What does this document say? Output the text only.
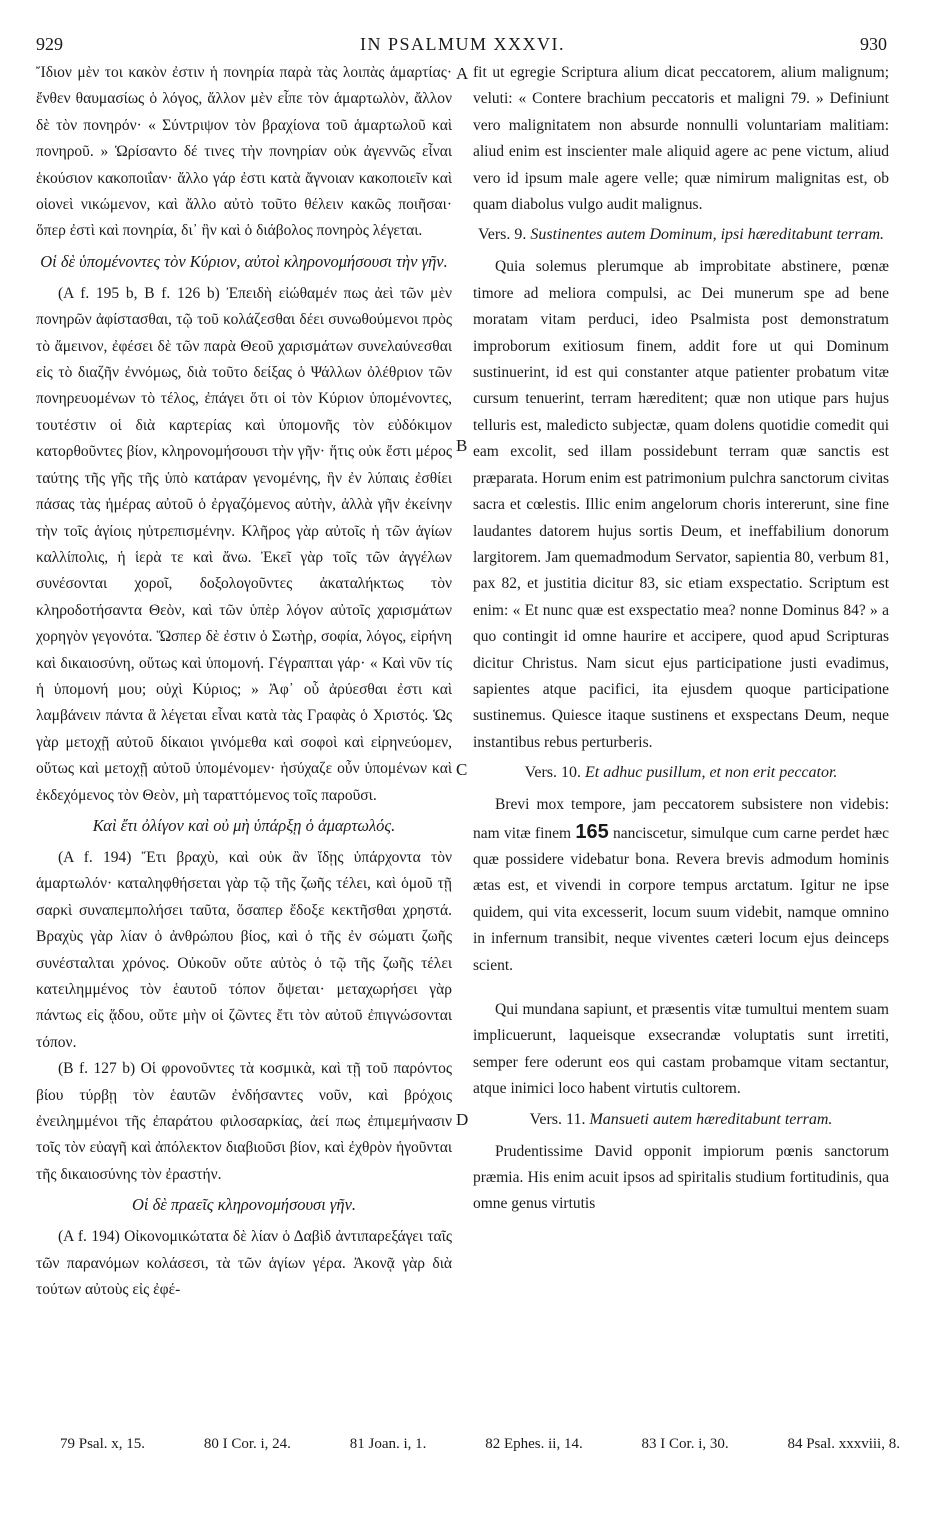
929	IN PSALMUM XXXVI.	930
A
B
C
D

Ἴδιον μὲν τοι κακὸν ἐστιν ἡ πονηρία παρὰ τὰς λοιπὰς ἁμαρτίας· ἔνθεν θαυμασίως ὁ λόγος, ἄλλον μὲν εἶπε τὸν ἁμαρτωλὸν, ἄλλον δὲ τὸν πονηρόν· « Σύντριψον τὸν βραχίονα τοῦ ἁμαρτωλοῦ καὶ πονηροῦ. » Ὡρίσαντο δέ τινες τὴν πονηρίαν οὐκ ἀγεννῶς εἶναι ἑκούσιον κακοποιΐαν· ἄλλο γάρ ἐστι κατὰ ἄγνοιαν κακοποιεῖν καὶ οἱονεὶ νικώμενον, καὶ ἄλλο αὐτὸ τοῦτο θέλειν κακῶς ποιῆσαι· ὅπερ ἐστὶ καὶ πονηρία, δι᾽ ἣν καὶ ὁ διάβολος πονηρὸς λέγεται.

Οἱ δὲ ὑπομένοντες τὸν Κύριον, αὐτοὶ κληρονομήσουσι τὴν γῆν.

(A f. 195 b, B f. 126 b) Ἐπειδὴ εἰώθαμέν πως ἀεὶ τῶν μὲν πονηρῶν ἀφίστασθαι, τῷ τοῦ κολάζεσθαι δέει συνωθούμενοι πρὸς τὸ ἄμεινον, ἐφέσει δὲ τῶν παρὰ Θεοῦ χαρισμάτων συνελαύνεσθαι εἰς τὸ διαζῆν ἐννόμως, διὰ τοῦτο δείξας ὁ Ψάλλων ὀλέθριον τῶν πονηρευομένων τὸ τέλος, ἐπάγει ὅτι οἱ τὸν Κύριον ὑπομένοντες, τουτέστιν οἱ διὰ καρτερίας καὶ ὑπομονῆς τὸν εὐδόκιμον κατορθοῦντες βίον, κληρονομήσουσι τὴν γῆν· ἥτις οὐκ ἔστι μέρος ταύτης τῆς γῆς τῆς ὑπὸ κατάραν γενομένης, ἣν ἐν λύπαις ἐσθίει πάσας τὰς ἡμέρας αὐτοῦ ὁ ἐργαζόμενος αὐτὴν, ἀλλὰ γῆν ἐκείνην τὴν τοῖς ἁγίοις ηὐτρεπισμένην. Κλῆρος γὰρ αὐτοῖς ἡ τῶν ἁγίων καλλίπολις, ἡ ἱερὰ τε καὶ ἄνω. Ἐκεῖ γὰρ τοῖς τῶν ἀγγέλων συνέσονται χοροῖ, δοξολογοῦντες ἀκαταλήκτως τὸν κληροδοτήσαντα Θεὸν, καὶ τῶν ὑπὲρ λόγον αὐτοῖς χαρισμάτων χορηγὸν γεγονότα. Ὥσπερ δὲ ἐστιν ὁ Σωτὴρ, σοφία, λόγος, εἰρήνη καὶ δικαιοσύνη, οὕτως καὶ ὑπομονή. Γέγραπται γάρ· « Καὶ νῦν τίς ἡ ὑπομονή μου; οὐχὶ Κύριος; » Ἀφ᾽ οὗ ἀρύεσθαι ἐστι καὶ λαμβάνειν πάντα ἃ λέγεται εἶναι κατὰ τὰς Γραφὰς ὁ Χριστός. Ὡς γὰρ μετοχῇ αὐτοῦ δίκαιοι γινόμεθα καὶ σοφοὶ καὶ εἰρηνεύομεν, οὕτως καὶ μετοχῇ αὐτοῦ ὑπομένομεν· ἡσύχαζε οὖν ὑπομένων καὶ ἐκδεχόμενος τὸν Θεὸν, μὴ ταραττόμενος τοῖς παροῦσι.

Καὶ ἔτι ὀλίγον καὶ οὐ μὴ ὑπάρξῃ ὁ ἁμαρτωλός.

(A f. 194) Ἔτι βραχὺ, καὶ οὐκ ἂν ἴδῃς ὑπάρχοντα τὸν ἁμαρτωλόν· καταληφθήσεται γὰρ τῷ τῆς ζωῆς τέλει, καὶ ὁμοῦ τῇ σαρκὶ συναπεμπολήσει ταῦτα, ὅσαπερ ἔδοξε κεκτῆσθαι χρηστά. Βραχὺς γὰρ λίαν ὁ ἀνθρώπου βίος, καὶ ὁ τῆς ἐν σώματι ζωῆς συνέσταλται χρόνος. Οὐκοῦν οὔτε αὐτὸς ὁ τῷ τῆς ζωῆς τέλει κατειλημμένος τὸν ἑαυτοῦ τόπον ὄψεται· μεταχωρήσει γὰρ πάντως εἰς ᾅδου, οὔτε μὴν οἱ ζῶντες ἔτι τὸν αὐτοῦ ἐπιγνώσονται τόπον.

(B f. 127 b) Οἱ φρονοῦντες τὰ κοσμικὰ, καὶ τῇ τοῦ παρόντος βίου τύρβῃ τὸν ἑαυτῶν ἐνδήσαντες νοῦν, καὶ βρόχοις ἐνειλημμένοι τῆς ἐπαράτου φιλοσαρκίας, ἀεί πως ἐπιμεμήνασιν τοῖς τὸν εὐαγῆ καὶ ἀπόλεκτον διαβιοῦσι βίον, καὶ ἐχθρὸν ἡγοῦνται τῆς δικαιοσύνης τὸν ἐραστήν.

Οἱ δὲ πραεῖς κληρονομήσουσι γῆν.

(A f. 194) Οἰκονομικώτατα δὲ λίαν ὁ Δαβὶδ ἀντιπαρεξάγει ταῖς τῶν παρανόμων κολάσεσι, τὰ τῶν ἁγίων γέρα. Ἀκονᾷ γὰρ διὰ τούτων αὐτοὺς εἰς ἐφέ-

fit ut egregie Scriptura alium dicat peccatorem, alium malignum; veluti: « Contere brachium peccatoris et maligni 79. » Definiunt vero malignitatem non absurde nonnulli voluntariam malitiam: aliud enim est inscienter male aliquid agere ac pene victum, aliud vero id ipsum male agere velle; quæ nimirum malignitas est, ob quam diabolus vulgo audit malignus.

Vers. 9. Sustinentes autem Dominum, ipsi hæreditabunt terram.

Quia solemus plerumque ab improbitate abstinere, pœnæ timore ad meliora compulsi, ac Dei munerum spe ad bene moratam vitam perduci, ideo Psalmista post demonstratum improborum exitiosum finem, addit fore ut qui Dominum sustinuerint, id est qui constanter atque patienter probatum vitæ cursum tenuerint, terram hæreditent; quæ non utique pars hujus telluris est, maledicto subjectæ, quam dolens quotidie comedit qui eam excolit, sed illam possidebunt terram quæ sanctis est præparata. Horum enim est patrimonium pulchra sanctorum civitas sacra et cœlestis. Illic enim angelorum choris intererunt, sine fine laudantes datorem hujus sortis Deum, et ineffabilium donorum largitorem. Jam quemadmodum Servator, sapientia 80, verbum 81, pax 82, et justitia dicitur 83, sic etiam exspectatio. Scriptum est enim: « Et nunc quæ est exspectatio mea? nonne Dominus 84? » a quo contingit id omne haurire et accipere, quod apud Scripturas dicitur Christus. Nam sicut ejus participatione justi evadimus, sapientes atque pacifici, ita ejusdem quoque participatione sustinemus. Quiesce itaque sustinens et exspectans Deum, neque instantibus rebus perturberis.

Vers. 10. Et adhuc pusillum, et non erit peccator.

Brevi mox tempore, jam peccatorem subsistere non videbis: nam vitæ finem 165 nanciscetur, simulque cum carne perdet hæc quæ possidere videbatur bona. Revera brevis admodum hominis ætas est, et vivendi in corpore tempus arctatum. Igitur ne ipse quidem, qui vita excesserit, locum suum videbit, namque omnino in infernum transibit, neque viventes cæteri locum ejus deinceps scient.

Qui mundana sapiunt, et præsentis vitæ tumultui mentem suam implicuerunt, laqueisque exsecrandæ voluptatis sunt irretiti, semper fere oderunt eos qui castam probamque vitam sectantur, atque inimici loco habent virtutis cultorem.

Vers. 11. Mansueti autem hæreditabunt terram.

Prudentissime David opponit impiorum pœnis sanctorum præmia. His enim acuit ipsos ad spiritalis studium fortitudinis, qua omne genus virtutis

79 Psal. x, 15.	80 I Cor. i, 24.	81 Joan. i, 1.	82 Ephes. ii, 14.	83 I Cor. i, 30.	84 Psal. xxxviii, 8.
